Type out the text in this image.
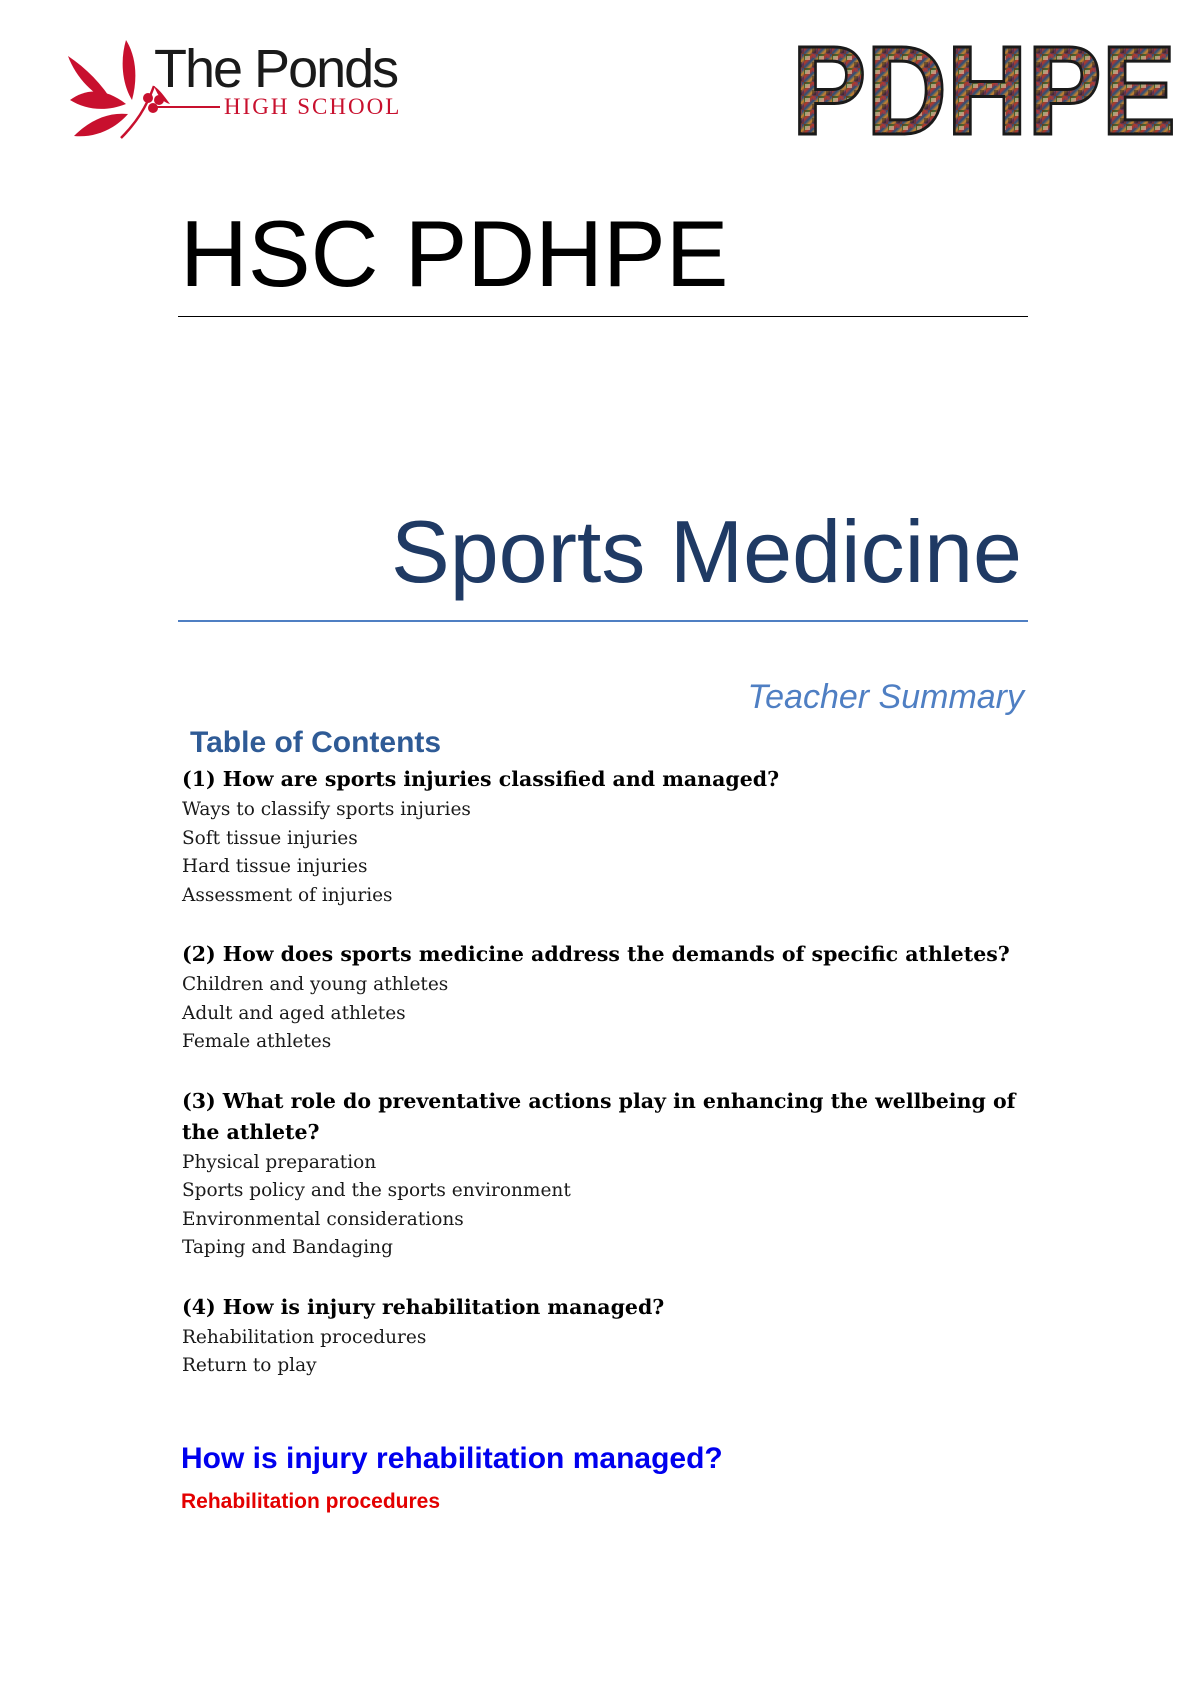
The Ponds
HIGH SCHOOL	PDHPE
HSC PDHPE
Sports Medicine
Teacher Summary
Table of Contents
(1) How are sports injuries classified and managed?
Ways to classify sports injuries
Soft tissue injuries
Hard tissue injuries
Assessment of injuries
(2) How does sports medicine address the demands of specific athletes?
Children and young athletes
Adult and aged athletes
Female athletes
(3) What role do preventative actions play in enhancing the wellbeing of the athlete?
Physical preparation
Sports policy and the sports environment
Environmental considerations
Taping and Bandaging
(4) How is injury rehabilitation managed?
Rehabilitation procedures
Return to play
How is injury rehabilitation managed?
Rehabilitation procedures
